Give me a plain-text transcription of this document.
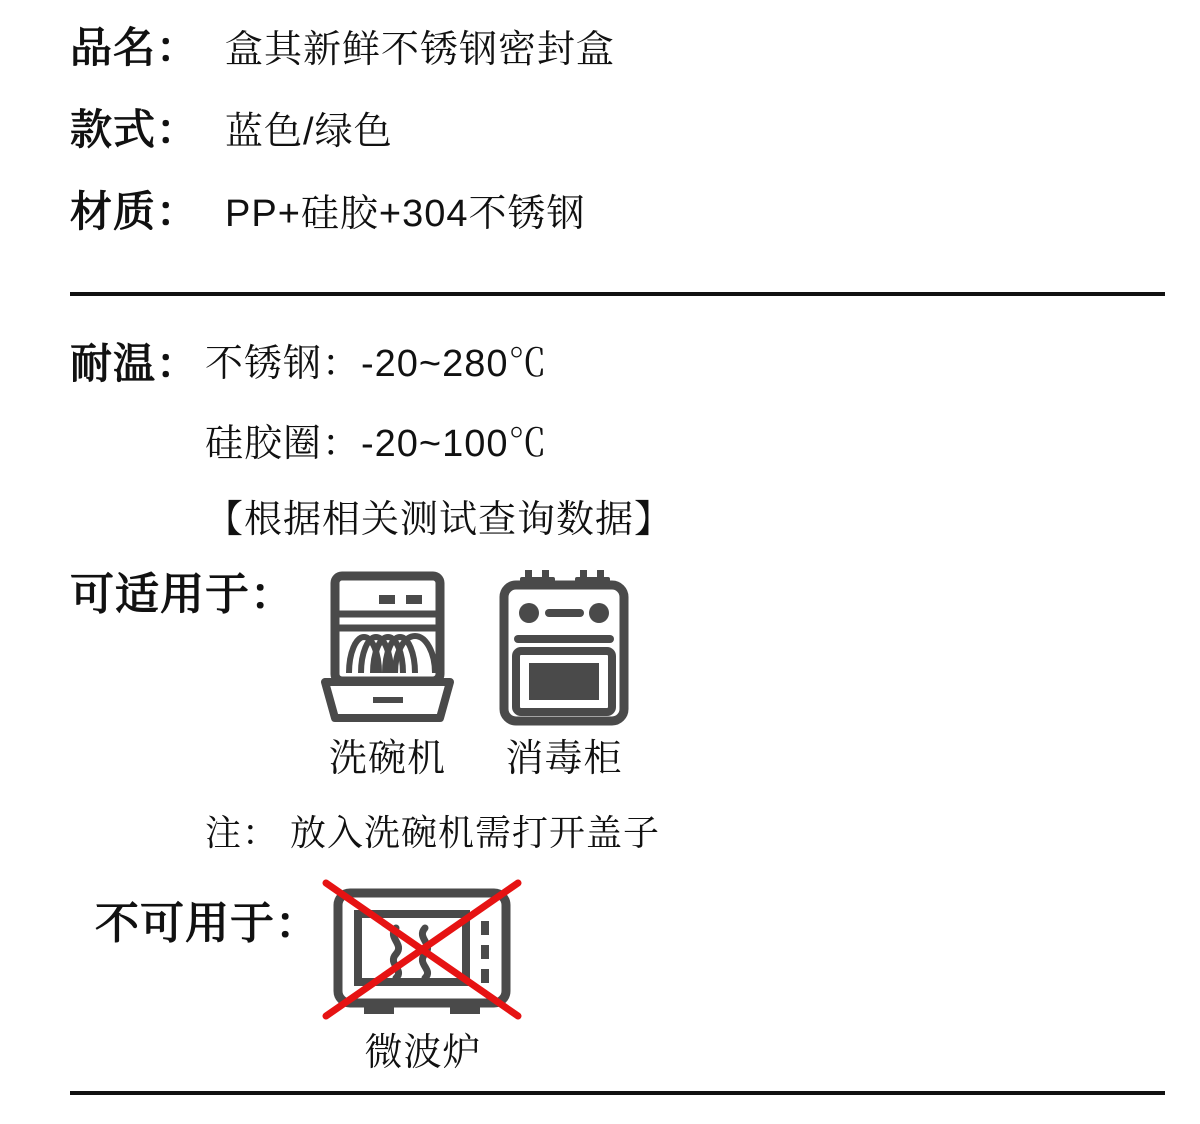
品名： 盒其新鲜不锈钢密封盒
款式： 蓝色/绿色
材质： PP+硅胶+304不锈钢
耐温： 不锈钢：-20~280℃
硅胶圈：-20~100℃
【根据相关测试查询数据】
可适用于：
洗碗机 消毒柜
注： 放入洗碗机需打开盖子
不可用于：
微波炉
